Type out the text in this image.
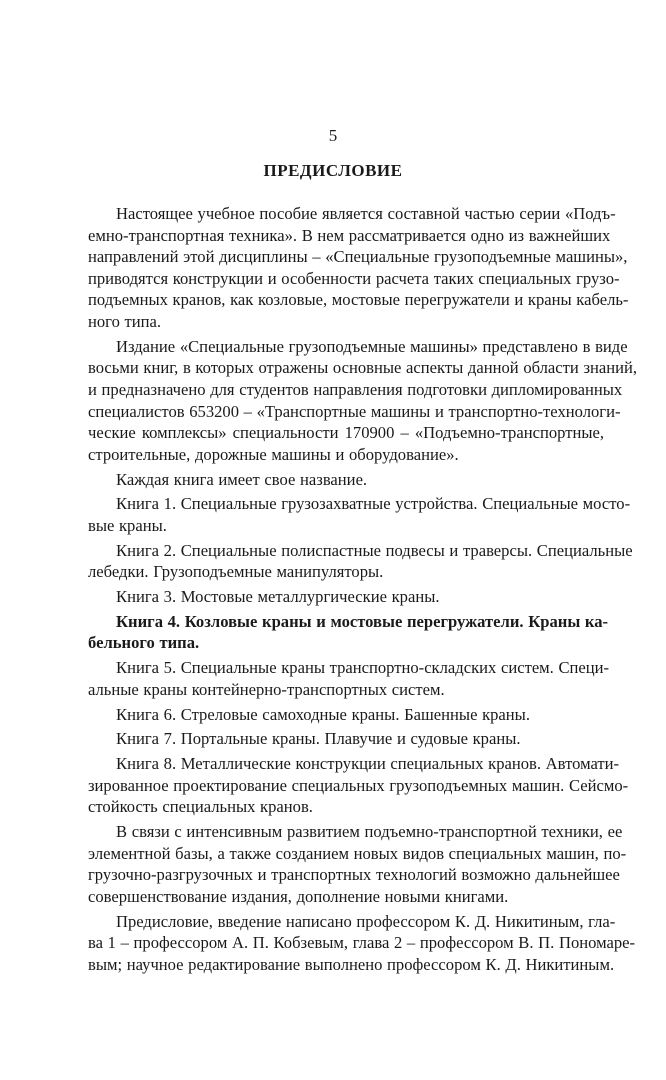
5
ПРЕДИСЛОВИЕ
Настоящее учебное пособие является составной частью серии «Подъ-
емно-транспортная техника». В нем рассматривается одно из важнейших
направлений этой дисциплины – «Специальные грузоподъемные машины»,
приводятся конструкции и особенности расчета таких специальных грузо-
подъемных кранов, как козловые, мостовые перегружатели и краны кабель-
ного типа.
Издание «Специальные грузоподъемные машины» представлено в виде
восьми книг, в которых отражены основные аспекты данной области знаний,
и предназначено для студентов направления подготовки дипломированных
специалистов 653200 – «Транспортные машины и транспортно-технологи-
ческие комплексы» специальности 170900 – «Подъемно-транспортные,
строительные, дорожные машины и оборудование».
Каждая книга имеет свое название.
Книга 1. Специальные грузозахватные устройства. Специальные мосто-
вые краны.
Книга 2. Специальные полиспастные подвесы и траверсы. Специальные
лебедки. Грузоподъемные манипуляторы.
Книга 3. Мостовые металлургические краны.
Книга 4. Козловые краны и мостовые перегружатели. Краны ка-
бельного типа.
Книга 5. Специальные краны транспортно-складских систем. Специ-
альные краны контейнерно-транспортных систем.
Книга 6. Стреловые самоходные краны. Башенные краны.
Книга 7. Портальные краны. Плавучие и судовые краны.
Книга 8. Металлические конструкции специальных кранов. Автомати-
зированное проектирование специальных грузоподъемных машин. Сейсмо-
стойкость специальных кранов.
В связи с интенсивным развитием подъемно-транспортной техники, ее
элементной базы, а также созданием новых видов специальных машин, по-
грузочно-разгрузочных и транспортных технологий возможно дальнейшее
совершенствование издания, дополнение новыми книгами.
Предисловие, введение написано профессором К. Д. Никитиным, гла-
ва 1 – профессором А. П. Кобзевым, глава 2 – профессором В. П. Пономаре-
вым; научное редактирование выполнено профессором К. Д. Никитиным.
